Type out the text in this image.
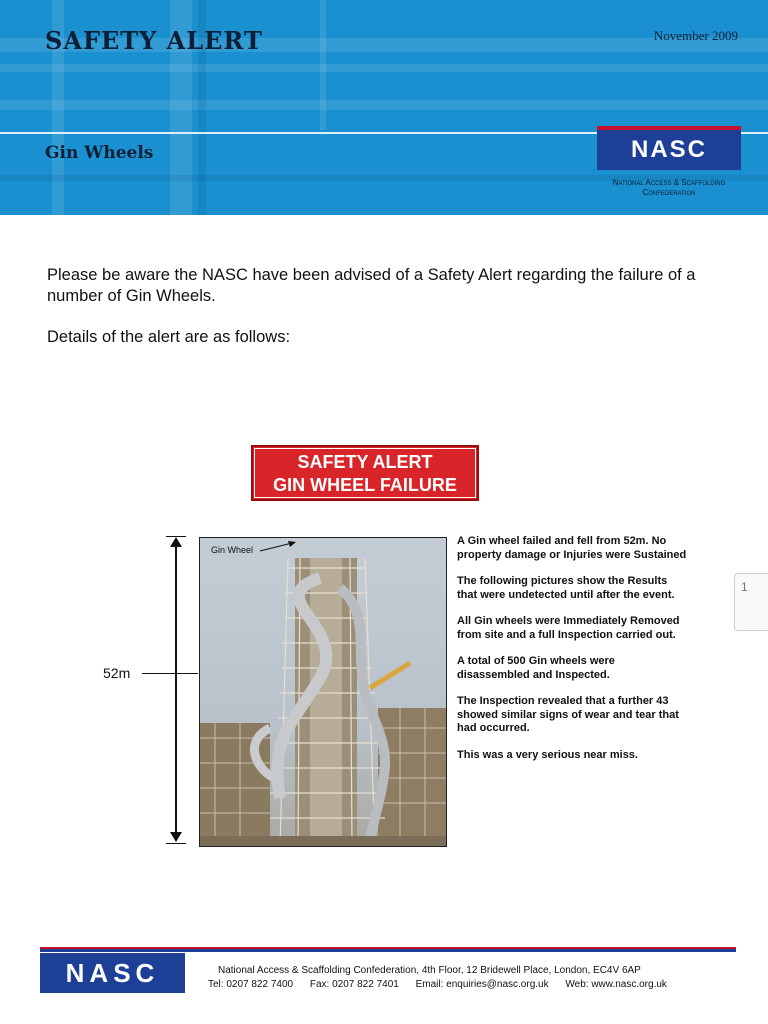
SAFETY ALERT	November 2009
Gin Wheels	NASC
National Access & Scaffolding
Confederation
Please be aware the NASC have been advised of a Safety Alert regarding the failure of a number of Gin Wheels.
Details of the alert are as follows:
SAFETY ALERT
GIN WHEEL FAILURE
52m
Gin Wheel

A Gin wheel failed and fell from 52m. No property damage or Injuries were Sustained

The following pictures show the Results that were undetected until after the event.

All Gin wheels were Immediately Removed from site and a full Inspection carried out.

A total of 500 Gin wheels were disassembled and Inspected.

The Inspection revealed that a further 43 showed similar signs of wear and tear that had occurred.

This was a very serious near miss.

1
NASC	National Access & Scaffolding Confederation, 4th Floor, 12 Bridewell Place, London, EC4V 6AP
Tel: 0207 822 7400 Fax: 0207 822 7401 Email: enquiries@nasc.org.uk Web: www.nasc.org.uk
